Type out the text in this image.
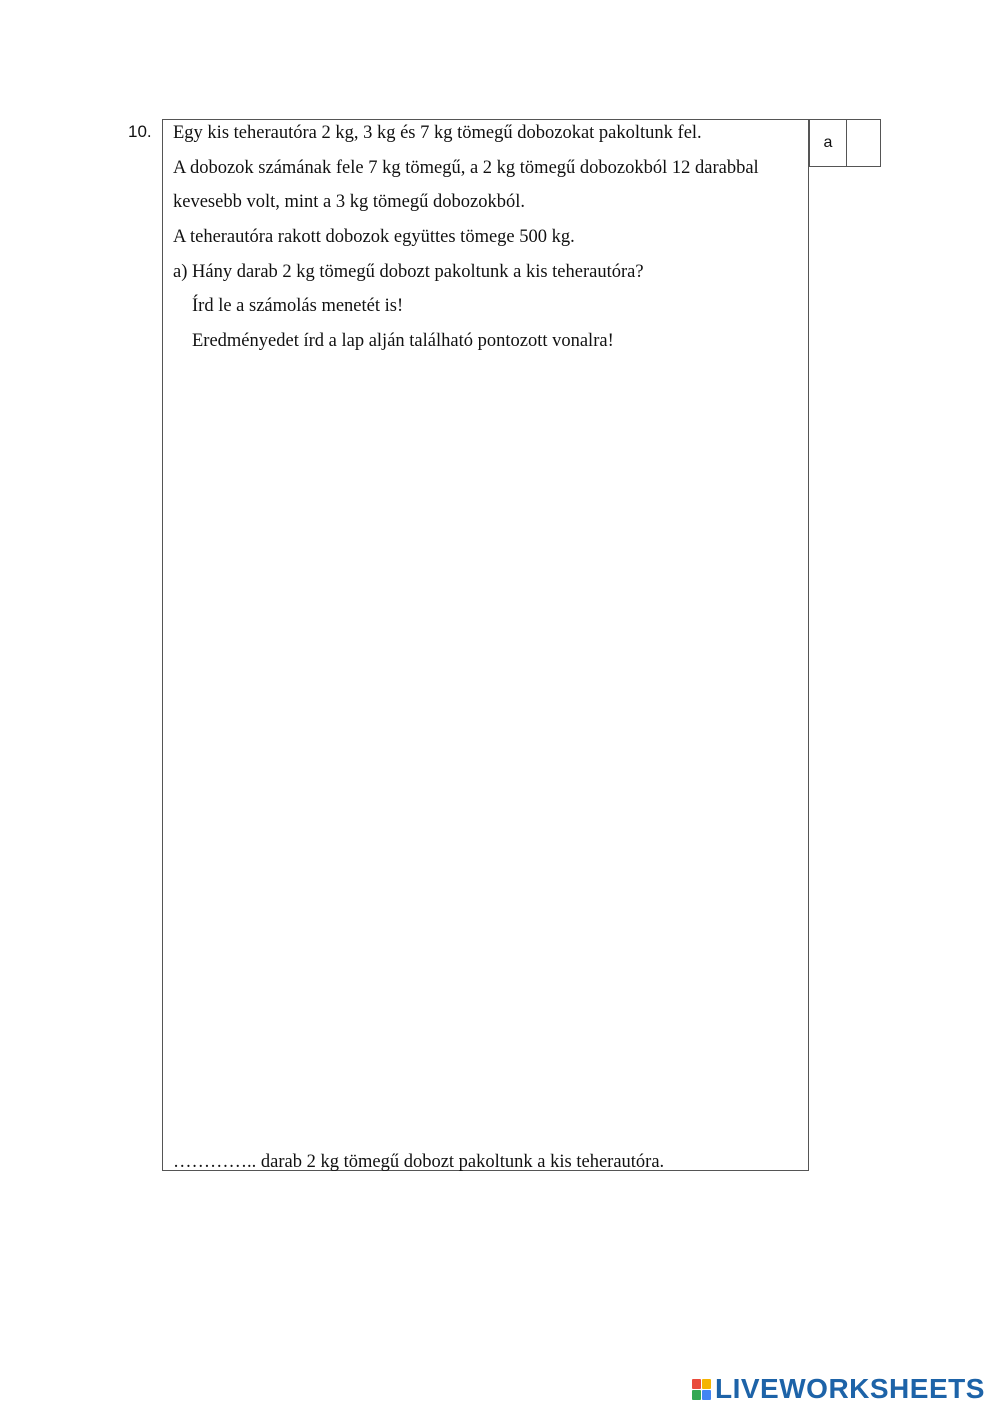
10. Egy kis teherautóra 2 kg, 3 kg és 7 kg tömegű dobozokat pakoltunk fel.
A dobozok számának fele 7 kg tömegű, a 2 kg tömegű dobozokból 12 darabbal
kevesebb volt, mint a 3 kg tömegű dobozokból.
A teherautóra rakott dobozok együttes tömege 500 kg.
a) Hány darab 2 kg tömegű dobozt pakoltunk a kis teherautóra?
Írd le a számolás menetét is!
Eredményedet írd a lap alján található pontozott vonalra!
………….. darab 2 kg tömegű dobozt pakoltunk a kis teherautóra.
a
LIVEWORKSHEETS
